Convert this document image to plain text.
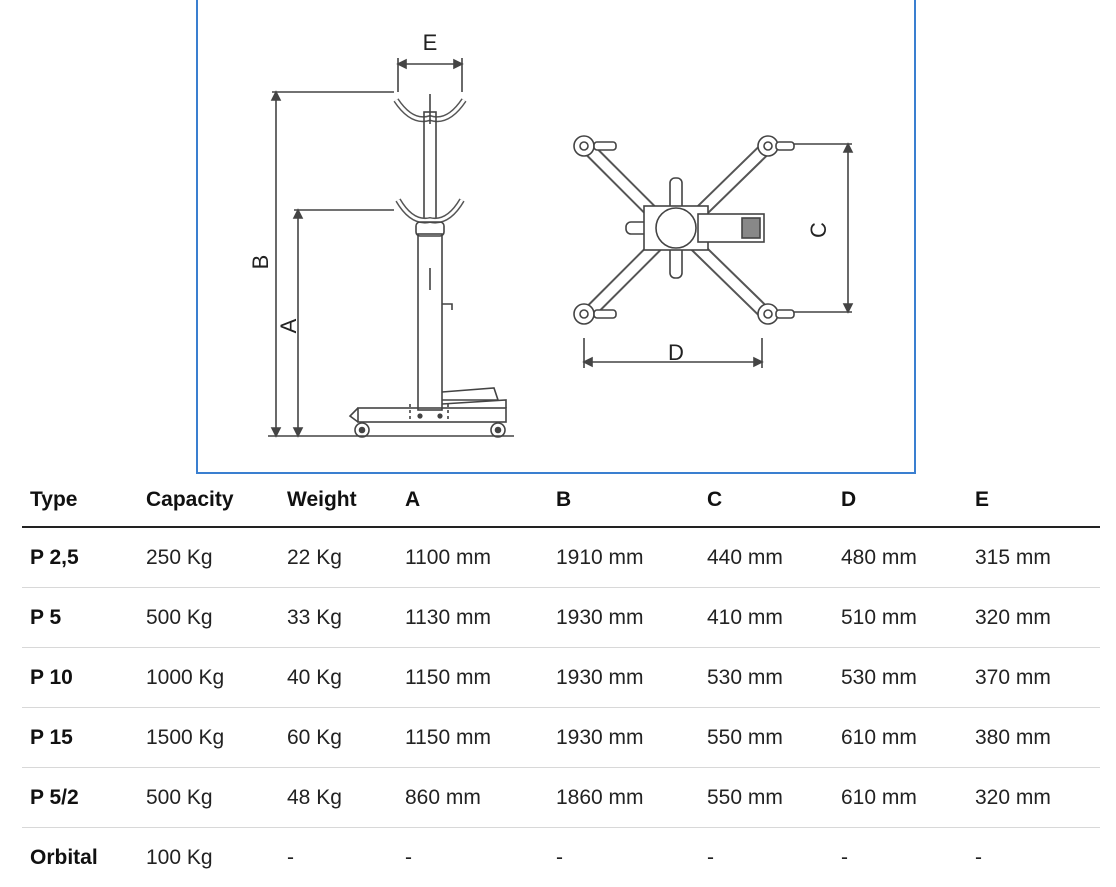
E
B
A
C
D
Type	Capacity	Weight	A	B	C	D	E
P 2,5	250 Kg	22 Kg	1100 mm	1910 mm	440 mm	480 mm	315 mm
P 5	500 Kg	33 Kg	1130 mm	1930 mm	410 mm	510 mm	320 mm
P 10	1000 Kg	40 Kg	1150 mm	1930 mm	530 mm	530 mm	370 mm
P 15	1500 Kg	60 Kg	1150 mm	1930 mm	550 mm	610 mm	380 mm
P 5/2	500 Kg	48 Kg	860 mm	1860 mm	550 mm	610 mm	320 mm
Orbital	100 Kg	-	-	-	-	-	-
